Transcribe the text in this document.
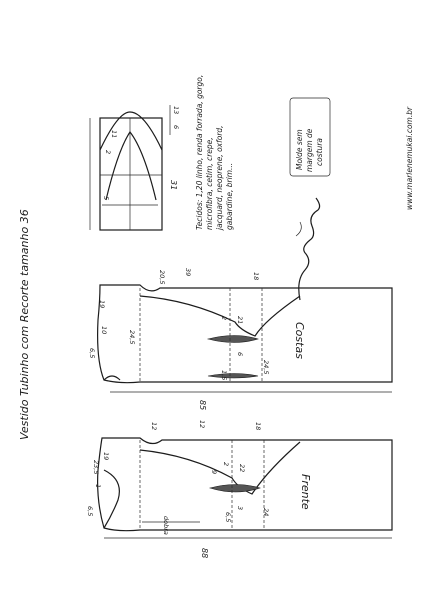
31
13
6
11
2
5
Costas
85
20,5	39	18
19
10
6,5
24,5
2 21
6
24,5
1,5
Frente
dobra
88
23,5
19
6,5
1
12	12	18
9
2 22
24
3
6,5
Vestido Tubinho com Recorte tamanho 36
Tecidos: 1,20 linho, renda forrada, gorgo, microfibra, cetim, crepe, jacquard, neoprene, oxford, gabardine, brim...
Molde sem margem de costura	www.marlenemukai.com.br
